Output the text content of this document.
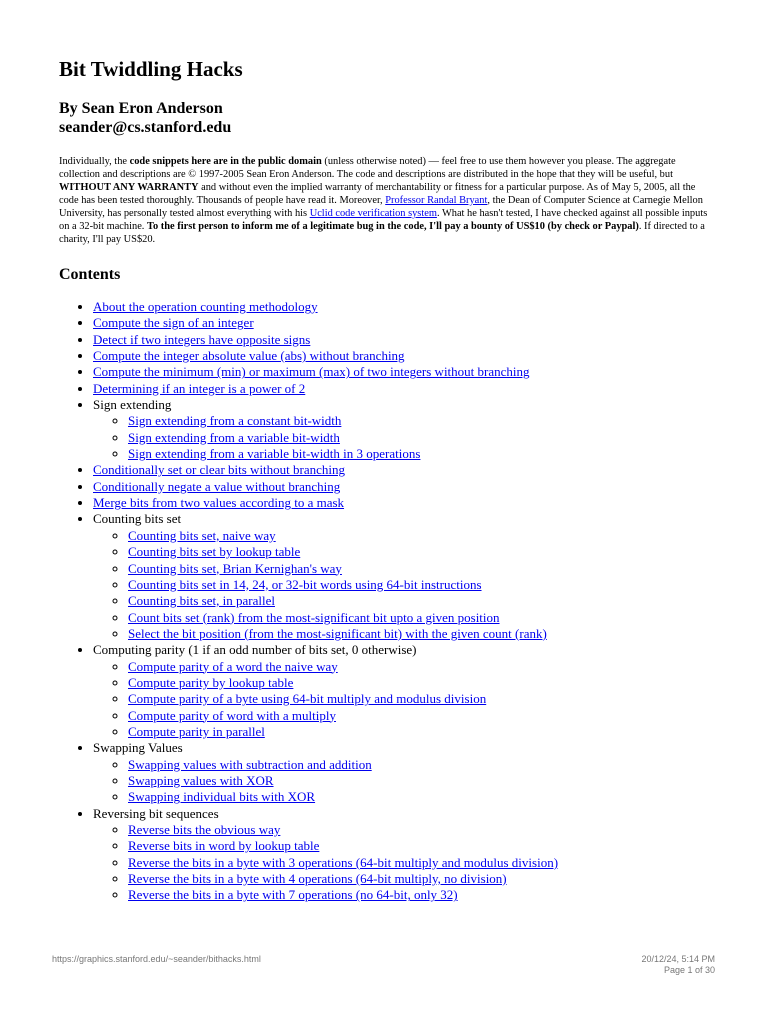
Bit Twiddling Hacks
By Sean Eron Anderson
seander@cs.stanford.edu

Individually, the code snippets here are in the public domain (unless otherwise noted) — feel free to use them however you please. The aggregate collection and descriptions are © 1997-2005 Sean Eron Anderson. The code and descriptions are distributed in the hope that they will be useful, but WITHOUT ANY WARRANTY and without even the implied warranty of merchantability or fitness for a particular purpose. As of May 5, 2005, all the code has been tested thoroughly. Thousands of people have read it. Moreover, Professor Randal Bryant, the Dean of Computer Science at Carnegie Mellon University, has personally tested almost everything with his Uclid code verification system. What he hasn't tested, I have checked against all possible inputs on a 32-bit machine. To the first person to inform me of a legitimate bug in the code, I'll pay a bounty of US$10 (by check or Paypal). If directed to a charity, I'll pay US$20.

Contents
• About the operation counting methodology
• Compute the sign of an integer
• Detect if two integers have opposite signs
• Compute the integer absolute value (abs) without branching
• Compute the minimum (min) or maximum (max) of two integers without branching
• Determining if an integer is a power of 2
• Sign extending
◦ Sign extending from a constant bit-width
◦ Sign extending from a variable bit-width
◦ Sign extending from a variable bit-width in 3 operations
• Conditionally set or clear bits without branching
• Conditionally negate a value without branching
• Merge bits from two values according to a mask
• Counting bits set
◦ Counting bits set, naive way
◦ Counting bits set by lookup table
◦ Counting bits set, Brian Kernighan's way
◦ Counting bits set in 14, 24, or 32-bit words using 64-bit instructions
◦ Counting bits set, in parallel
◦ Count bits set (rank) from the most-significant bit upto a given position
◦ Select the bit position (from the most-significant bit) with the given count (rank)
• Computing parity (1 if an odd number of bits set, 0 otherwise)
◦ Compute parity of a word the naive way
◦ Compute parity by lookup table
◦ Compute parity of a byte using 64-bit multiply and modulus division
◦ Compute parity of word with a multiply
◦ Compute parity in parallel
• Swapping Values
◦ Swapping values with subtraction and addition
◦ Swapping values with XOR
◦ Swapping individual bits with XOR
• Reversing bit sequences
◦ Reverse bits the obvious way
◦ Reverse bits in word by lookup table
◦ Reverse the bits in a byte with 3 operations (64-bit multiply and modulus division)
◦ Reverse the bits in a byte with 4 operations (64-bit multiply, no division)
◦ Reverse the bits in a byte with 7 operations (no 64-bit, only 32)
https://graphics.stanford.edu/~seander/bithacks.html	20/12/24, 5:14 PM
Page 1 of 30
